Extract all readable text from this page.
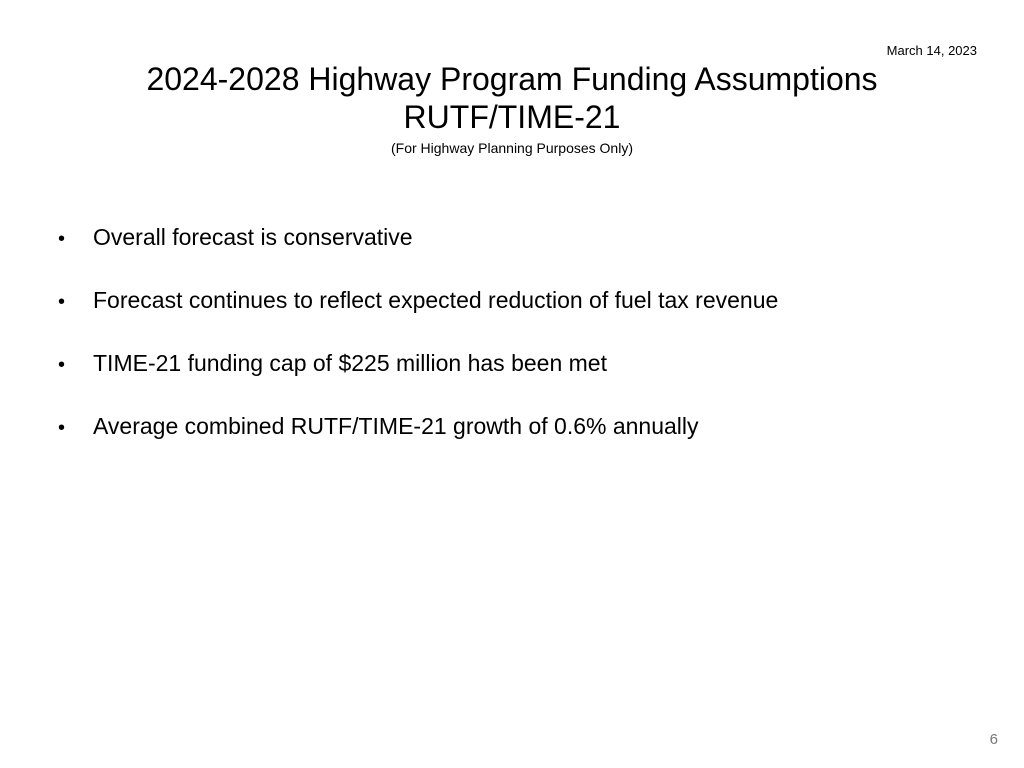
March 14, 2023
2024-2028 Highway Program Funding Assumptions
RUTF/TIME-21
(For Highway Planning Purposes Only)
•	Overall forecast is conservative
•	Forecast continues to reflect expected reduction of fuel tax revenue
•	TIME-21 funding cap of $225 million has been met
•	Average combined RUTF/TIME-21 growth of 0.6% annually
6
